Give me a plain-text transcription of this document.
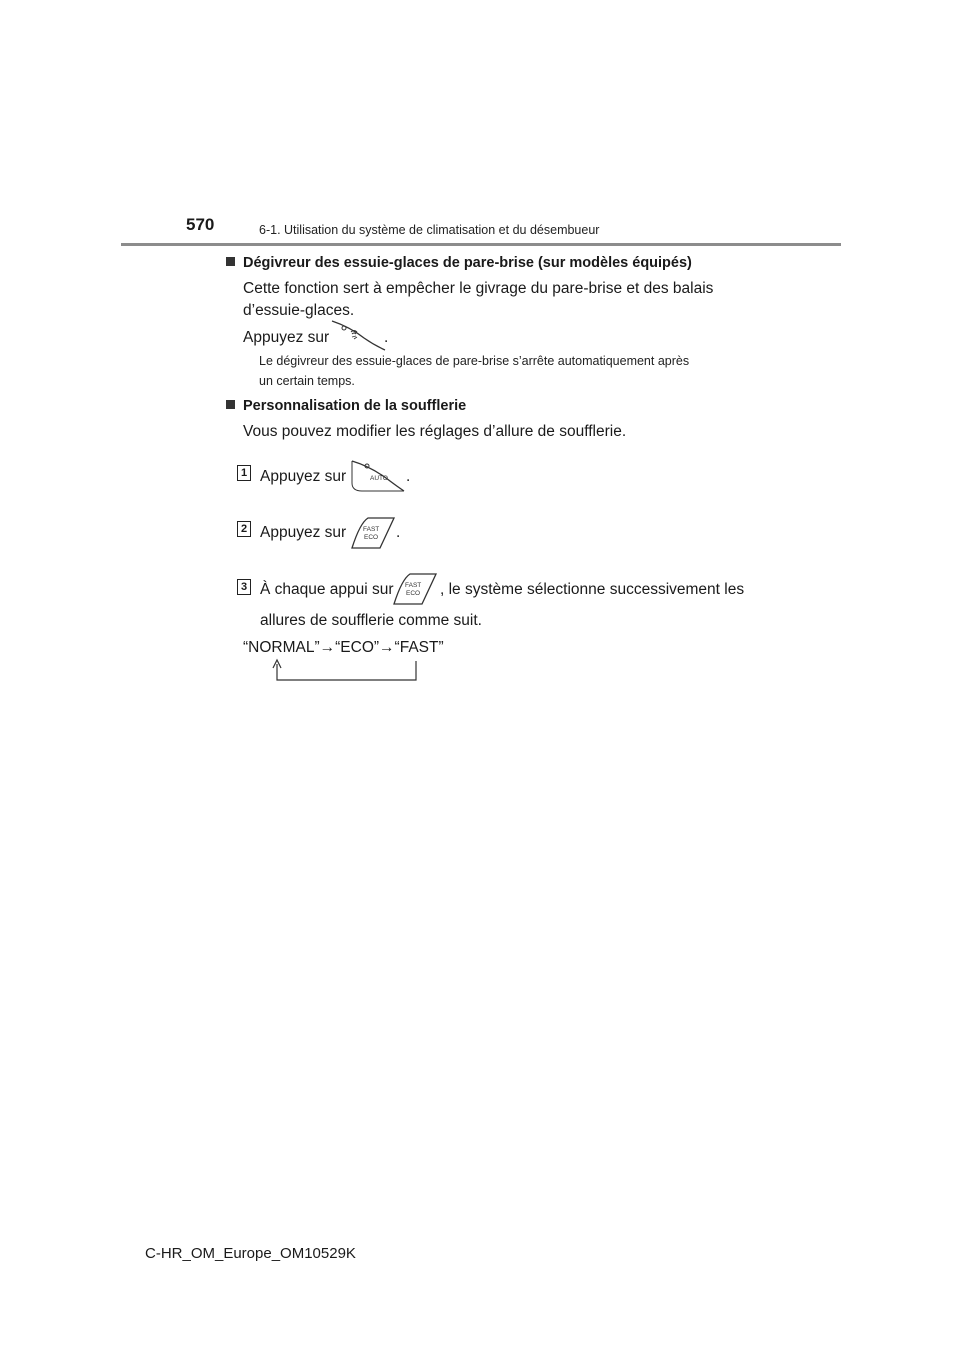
570	6-1. Utilisation du système de climatisation et du désembueur
Dégivreur des essuie-glaces de pare-brise (sur modèles équipés)
Cette fonction sert à empêcher le givrage du pare-brise et des balais
d’essuie-glaces.
Appuyez sur	.
Le dégivreur des essuie-glaces de pare-brise s’arrête automatiquement après
un certain temps.
Personnalisation de la soufflerie
Vous pouvez modifier les réglages d’allure de soufflerie.
1 Appuyez sur	AUTO .
2 Appuyez sur	FAST
ECO .
3 À chaque appui sur FAST
ECO , le système sélectionne successivement les
allures de soufflerie comme suit.
“NORMAL”→“ECO”→“FAST”
C-HR_OM_Europe_OM10529K
